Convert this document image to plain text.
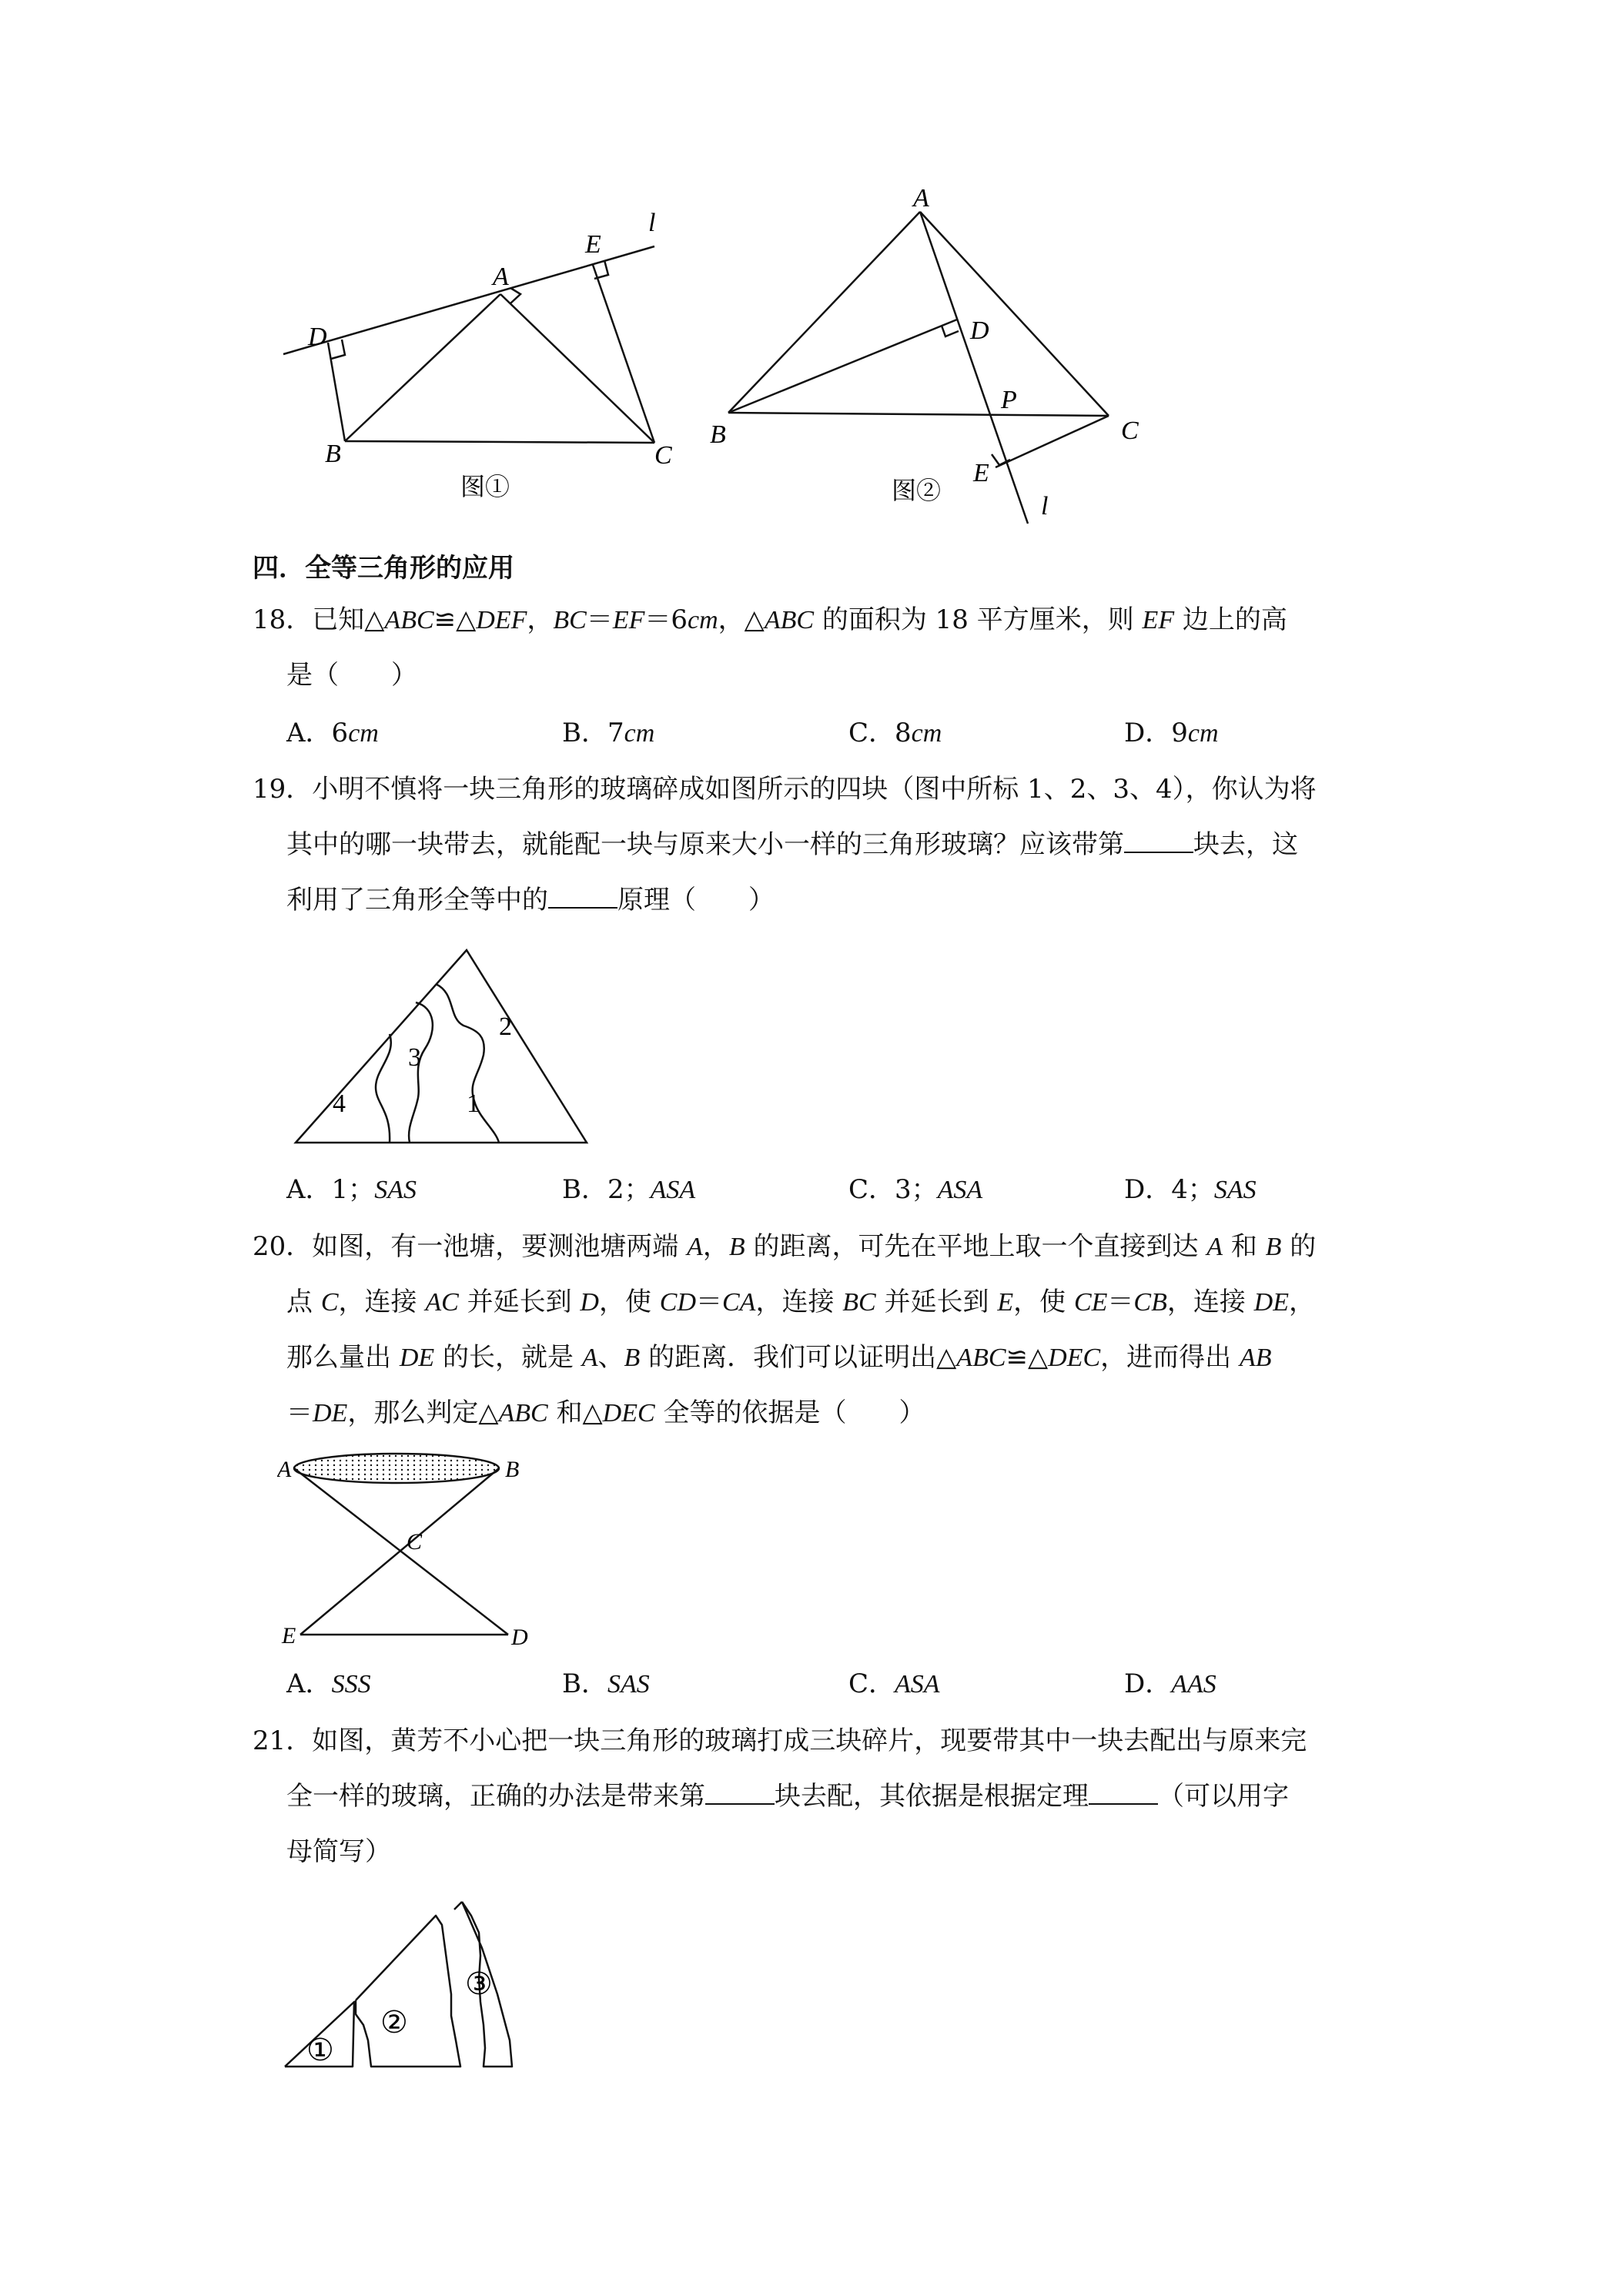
D
A
E
l
B	C
图①
A
D
P
B	C
E
l
图②
四．全等三角形的应用
18．已知△ABC≌△DEF，BC＝EF＝6cm，△ABC 的面积为 18 平方厘米，则 EF 边上的高
是（　　）
A．6cm	B．7cm	C．8cm	D．9cm
19．小明不慎将一块三角形的玻璃碎成如图所示的四块（图中所标 1、2、3、4），你认为将
其中的哪一块带去，就能配一块与原来大小一样的三角形玻璃？应该带第	块去，这
利用了三角形全等中的	原理（　　）
2
3
4	1
A．1；SAS	B．2；ASA	C．3；ASA	D．4；SAS
20．如图，有一池塘，要测池塘两端 A，B 的距离，可先在平地上取一个直接到达 A 和 B 的
点 C，连接 AC 并延长到 D，使 CD＝CA，连接 BC 并延长到 E，使 CE＝CB，连接 DE，
那么量出 DE 的长，就是 A、B 的距离．我们可以证明出△ABC≌△DEC，进而得出 AB
＝DE，那么判定△ABC 和△DEC 全等的依据是（　　）
A	B
C
E	D
A．SSS	B．SAS	C．ASA	D．AAS
21．如图，黄芳不小心把一块三角形的玻璃打成三块碎片，现要带其中一块去配出与原来完
全一样的玻璃，正确的办法是带来第	块去配，其依据是根据定理	（可以用字
母简写）
①
②
③
